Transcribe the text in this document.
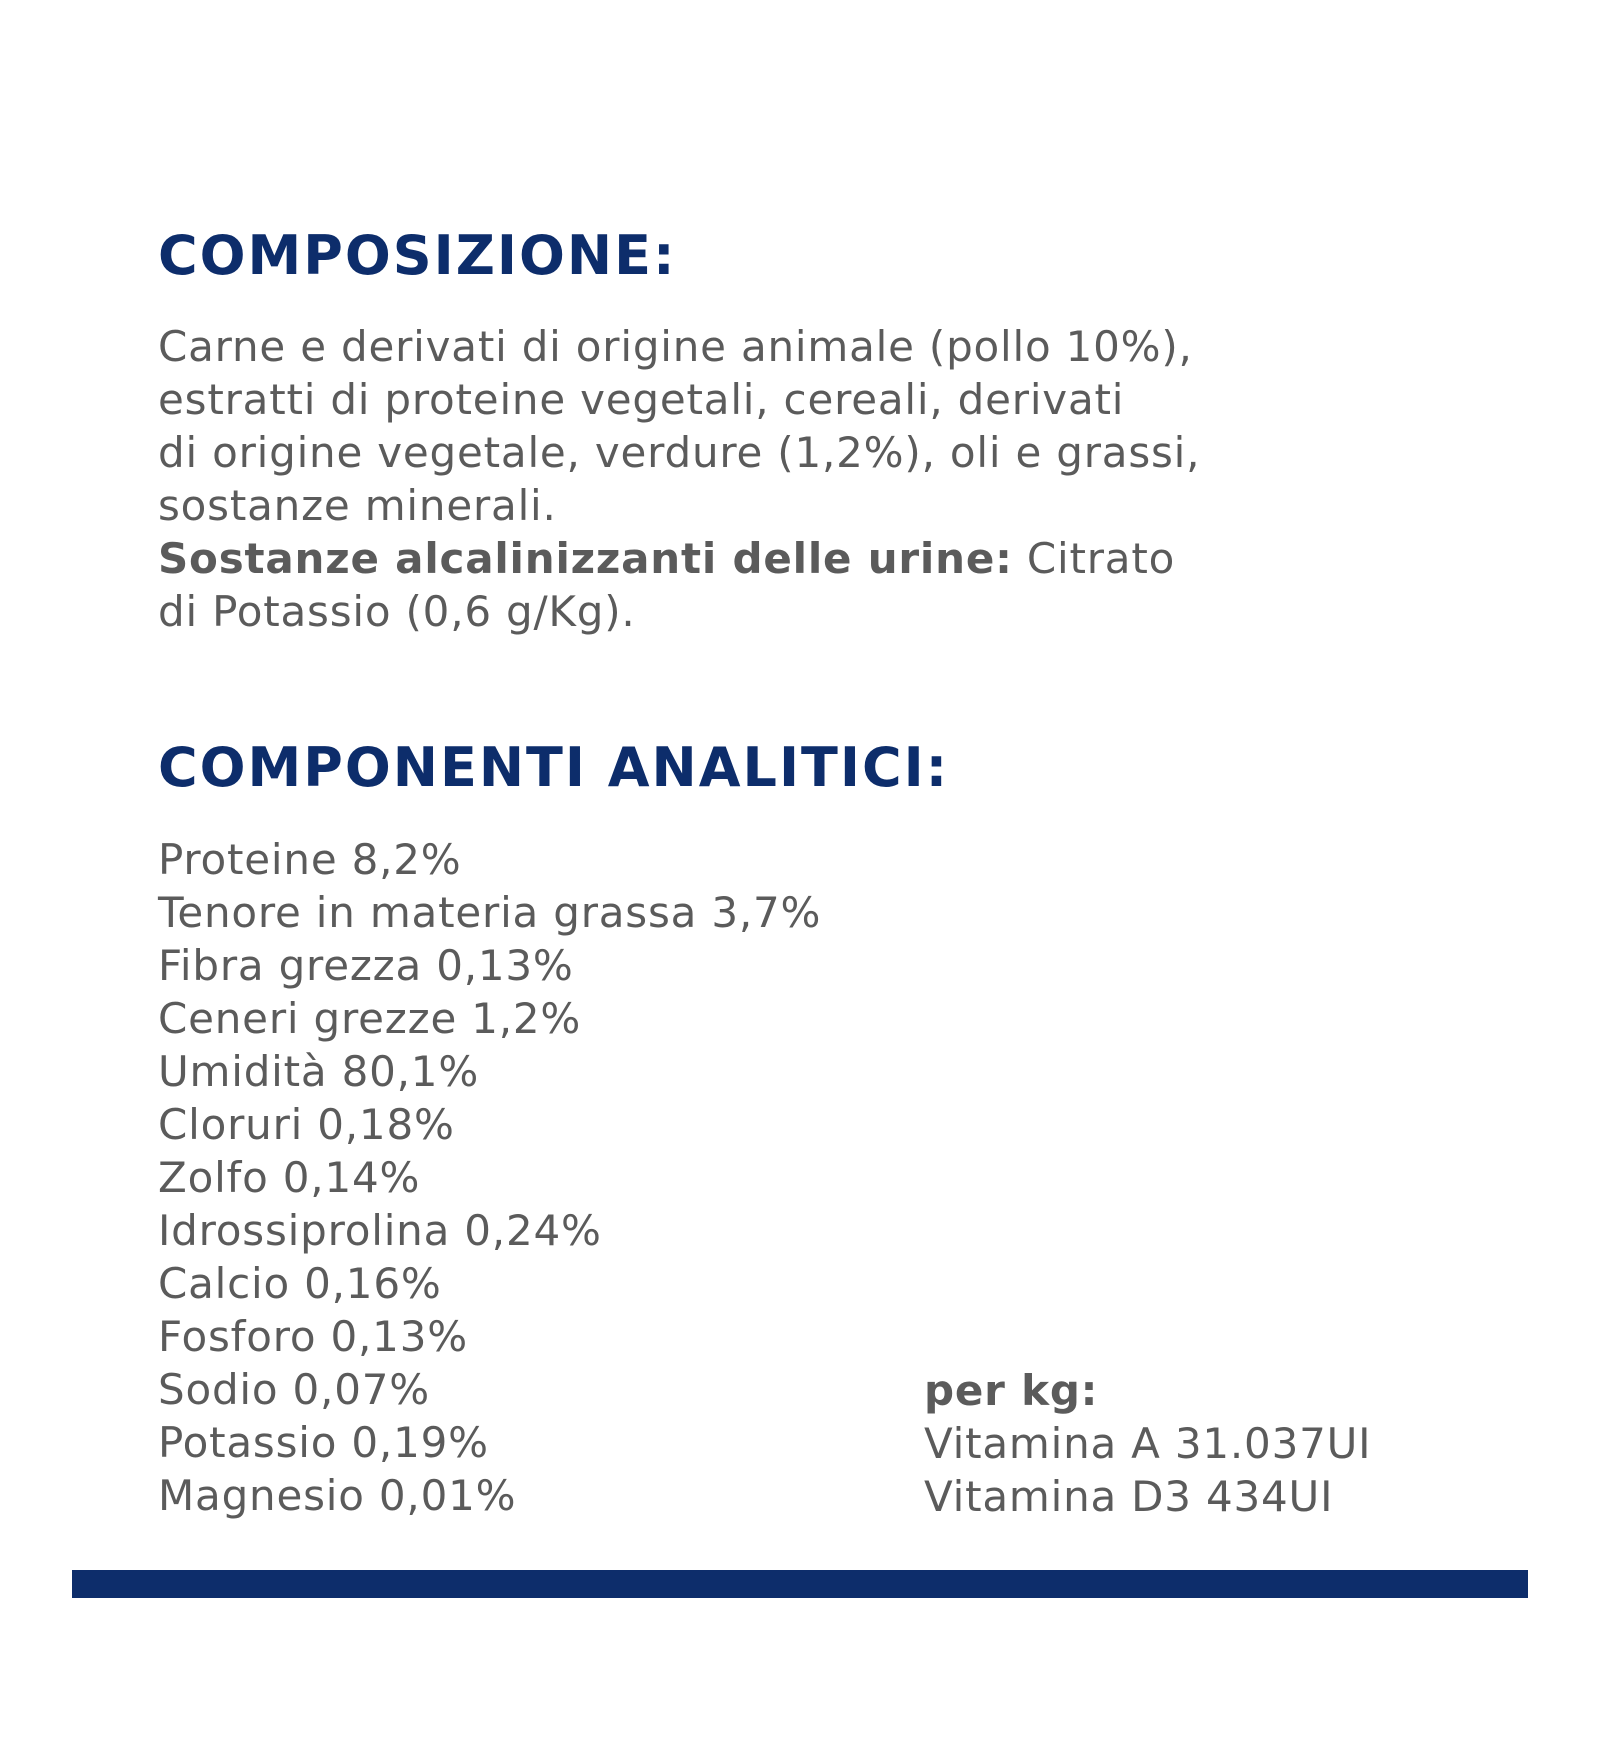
COMPOSIZIONE:
Carne e derivati di origine animale (pollo 10%),
estratti di proteine vegetali, cereali, derivati
di origine vegetale, verdure (1,2%), oli e grassi,
sostanze minerali.
Sostanze alcalinizzanti delle urine: Citrato
di Potassio (0,6 g/Kg).
COMPONENTI ANALITICI:
Proteine 8,2%
Tenore in materia grassa 3,7%
Fibra grezza 0,13%
Ceneri grezze 1,2%
Umidità 80,1%
Cloruri 0,18%
Zolfo 0,14%
Idrossiprolina 0,24%
Calcio 0,16%
Fosforo 0,13%
Sodio 0,07%
Potassio 0,19%
Magnesio 0,01%
per kg:
Vitamina A 31.037UI
Vitamina D3 434UI
